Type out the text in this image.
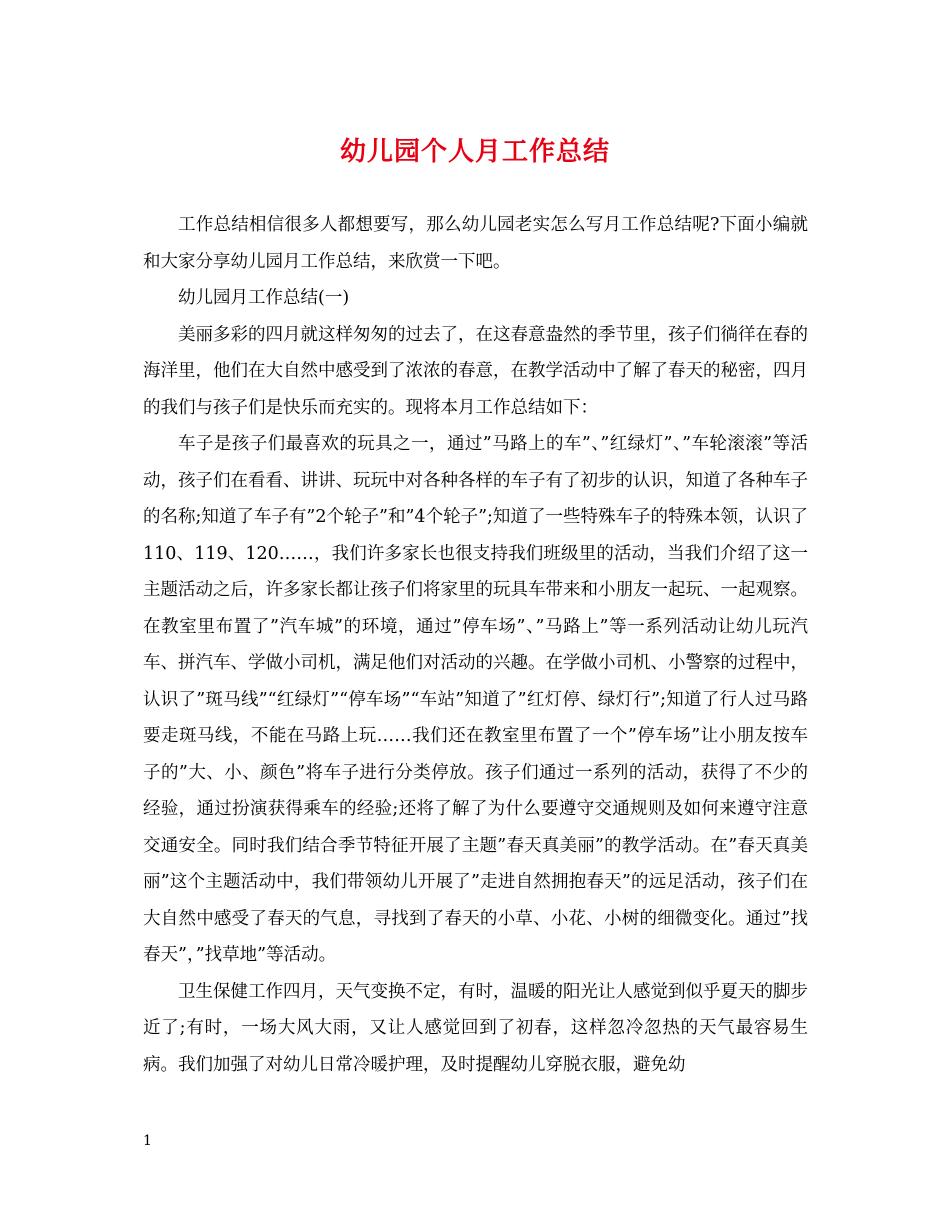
幼儿园个人月工作总结

工作总结相信很多人都想要写，那么幼儿园老实怎么写月工作总结呢?下面小编就和大家分享幼儿园月工作总结，来欣赏一下吧。

幼儿园月工作总结(一)

美丽多彩的四月就这样匆匆的过去了，在这春意盎然的季节里，孩子们徜徉在春的海洋里，他们在大自然中感受到了浓浓的春意，在教学活动中了解了春天的秘密，四月的我们与孩子们是快乐而充实的。现将本月工作总结如下：

车子是孩子们最喜欢的玩具之一，通过”马路上的车”、”红绿灯”、”车轮滚滚”等活动，孩子们在看看、讲讲、玩玩中对各种各样的车子有了初步的认识，知道了各种车子的名称;知道了车子有”2个轮子”和”4个轮子”;知道了一些特殊车子的特殊本领，认识了110、119、120……，我们许多家长也很支持我们班级里的活动，当我们介绍了这一主题活动之后，许多家长都让孩子们将家里的玩具车带来和小朋友一起玩、一起观察。在教室里布置了”汽车城”的环境，通过”停车场”、”马路上”等一系列活动让幼儿玩汽车、拼汽车、学做小司机，满足他们对活动的兴趣。在学做小司机、小警察的过程中，认识了”斑马线”“红绿灯”“停车场”“车站”知道了”红灯停、绿灯行”;知道了行人过马路要走斑马线，不能在马路上玩……我们还在教室里布置了一个”停车场”让小朋友按车子的”大、小、颜色”将车子进行分类停放。孩子们通过一系列的活动，获得了不少的经验，通过扮演获得乘车的经验;还将了解了为什么要遵守交通规则及如何来遵守注意交通安全。同时我们结合季节特征开展了主题”春天真美丽”的教学活动。在”春天真美丽”这个主题活动中，我们带领幼儿开展了”走进自然拥抱春天”的远足活动，孩子们在大自然中感受了春天的气息，寻找到了春天的小草、小花、小树的细微变化。通过”找春天”，”找草地”等活动。

卫生保健工作四月，天气变换不定，有时，温暖的阳光让人感觉到似乎夏天的脚步近了;有时，一场大风大雨，又让人感觉回到了初春，这样忽冷忽热的天气最容易生病。我们加强了对幼儿日常冷暖护理，及时提醒幼儿穿脱衣服，避免幼

1
